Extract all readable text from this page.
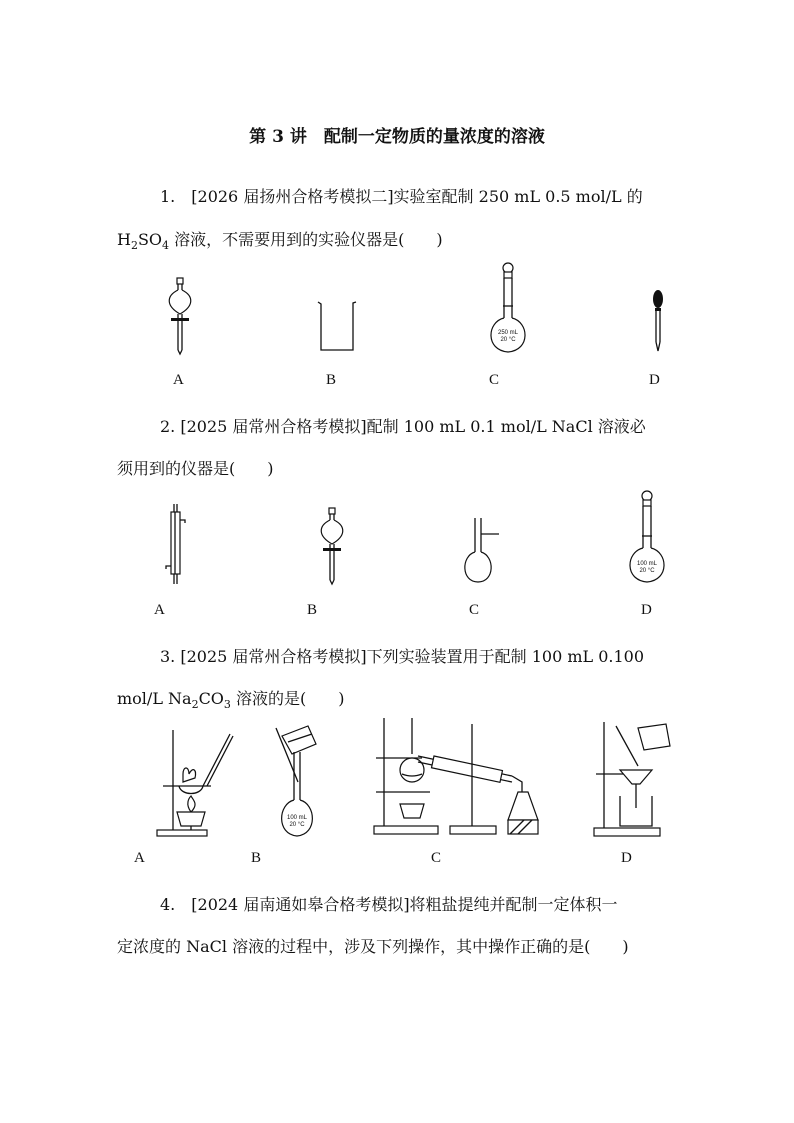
第 3 讲　配制一定物质的量浓度的溶液
1.　[2026 届扬州合格考模拟二]实验室配制 250 mL 0.5 mol/L 的
$H_2SO_4$ 溶液，不需要用到的实验仪器是(　　)
250 mL
20 °C
A	B	C	D
2. [2025 届常州合格考模拟]配制 100 mL 0.1 mol/L NaCl 溶液必
须用到的仪器是(　　)
100 mL
20 °C
A	B	C	D
3. [2025 届常州合格考模拟]下列实验装置用于配制 100 mL 0.100
mol/L $Na_2CO_3$ 溶液的是(　　)
100 mL
20 °C
A	B	C	D
4.　[2024 届南通如皋合格考模拟]将粗盐提纯并配制一定体积一
定浓度的 NaCl 溶液的过程中，涉及下列操作，其中操作正确的是(　　)
